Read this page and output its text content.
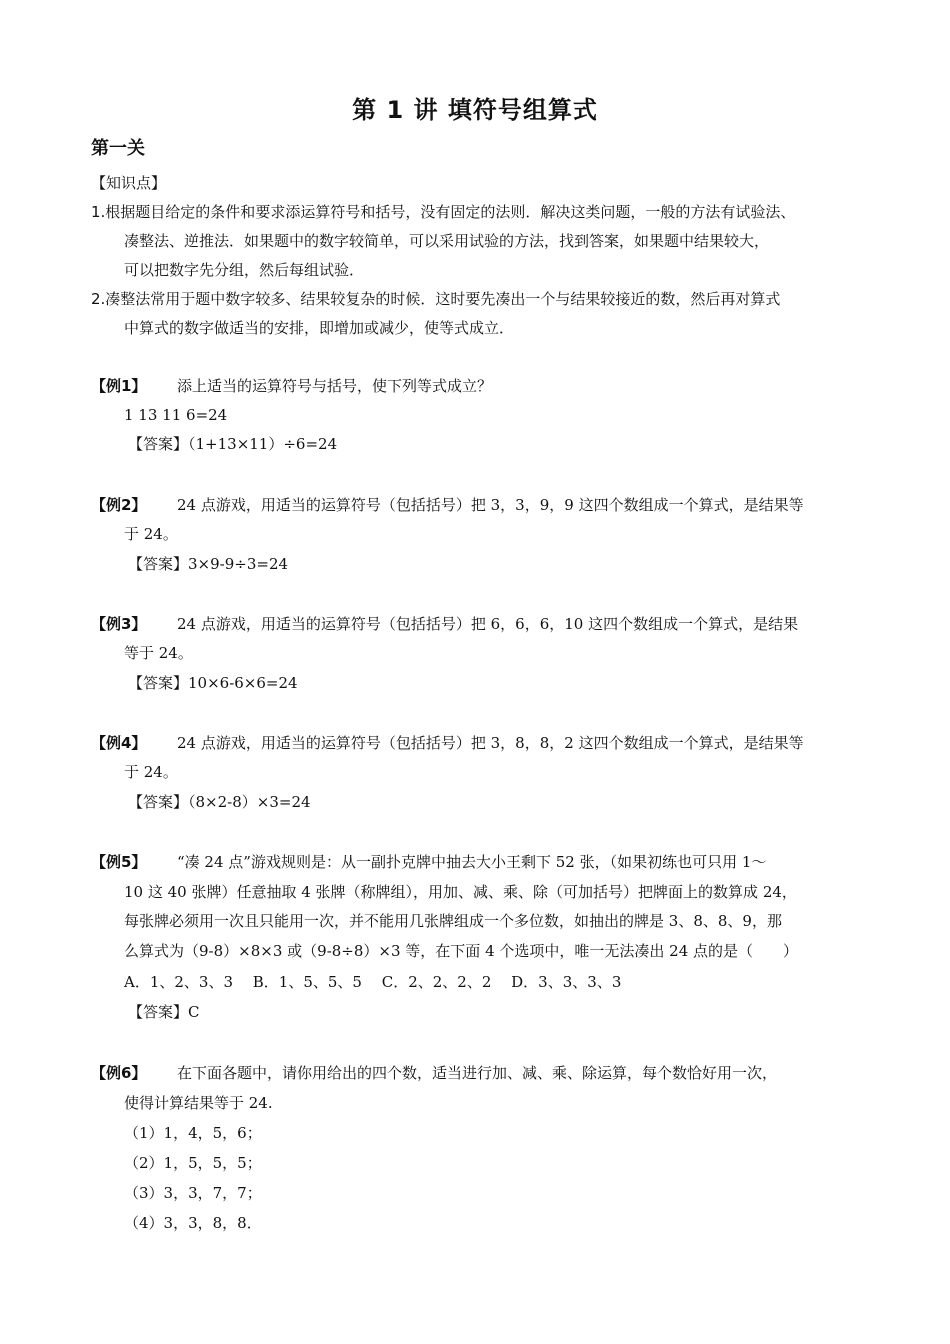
第 1 讲 填符号组算式
第一关
【知识点】
1.根据题目给定的条件和要求添运算符号和括号，没有固定的法则．解决这类问题，一般的方法有试验法、
凑整法、逆推法．如果题中的数字较简单，可以采用试验的方法，找到答案，如果题中结果较大，
可以把数字先分组，然后每组试验．
2.凑整法常用于题中数字较多、结果较复杂的时候．这时要先凑出一个与结果较接近的数，然后再对算式
中算式的数字做适当的安排，即增加或减少，使等式成立．
【例1】 添上适当的运算符号与括号，使下列等式成立？
1 13 11 6=24
【答案】（1+13×11）÷6=24
【例2】 24 点游戏，用适当的运算符号（包括括号）把 3，3，9，9 这四个数组成一个算式，是结果等
于 24。
【答案】3×9-9÷3=24
【例3】 24 点游戏，用适当的运算符号（包括括号）把 6，6，6，10 这四个数组成一个算式，是结果
等于 24。
【答案】10×6-6×6=24
【例4】 24 点游戏，用适当的运算符号（包括括号）把 3，8，8，2 这四个数组成一个算式，是结果等
于 24。
【答案】（8×2-8）×3=24
【例5】 “凑 24 点”游戏规则是：从一副扑克牌中抽去大小王剩下 52 张，（如果初练也可只用 1～
10 这 40 张牌）任意抽取 4 张牌（称牌组），用加、减、乘、除（可加括号）把牌面上的数算成 24，
每张牌必须用一次且只能用一次，并不能用几张牌组成一个多位数，如抽出的牌是 3、8、8、9，那
么算式为（9-8）×8×3 或（9-8÷8）×3 等，在下面 4 个选项中，唯一无法凑出 24 点的是（　　）
A．1、2、3、3　 B．1、5、5、5　 C．2、2、2、2　 D．3、3、3、3
【答案】C
【例6】 在下面各题中，请你用给出的四个数，适当进行加、减、乘、除运算，每个数恰好用一次，
使得计算结果等于 24.
（1）1，4，5，6；
（2）1，5，5，5；
（3）3，3，7，7；
（4）3，3，8，8．
